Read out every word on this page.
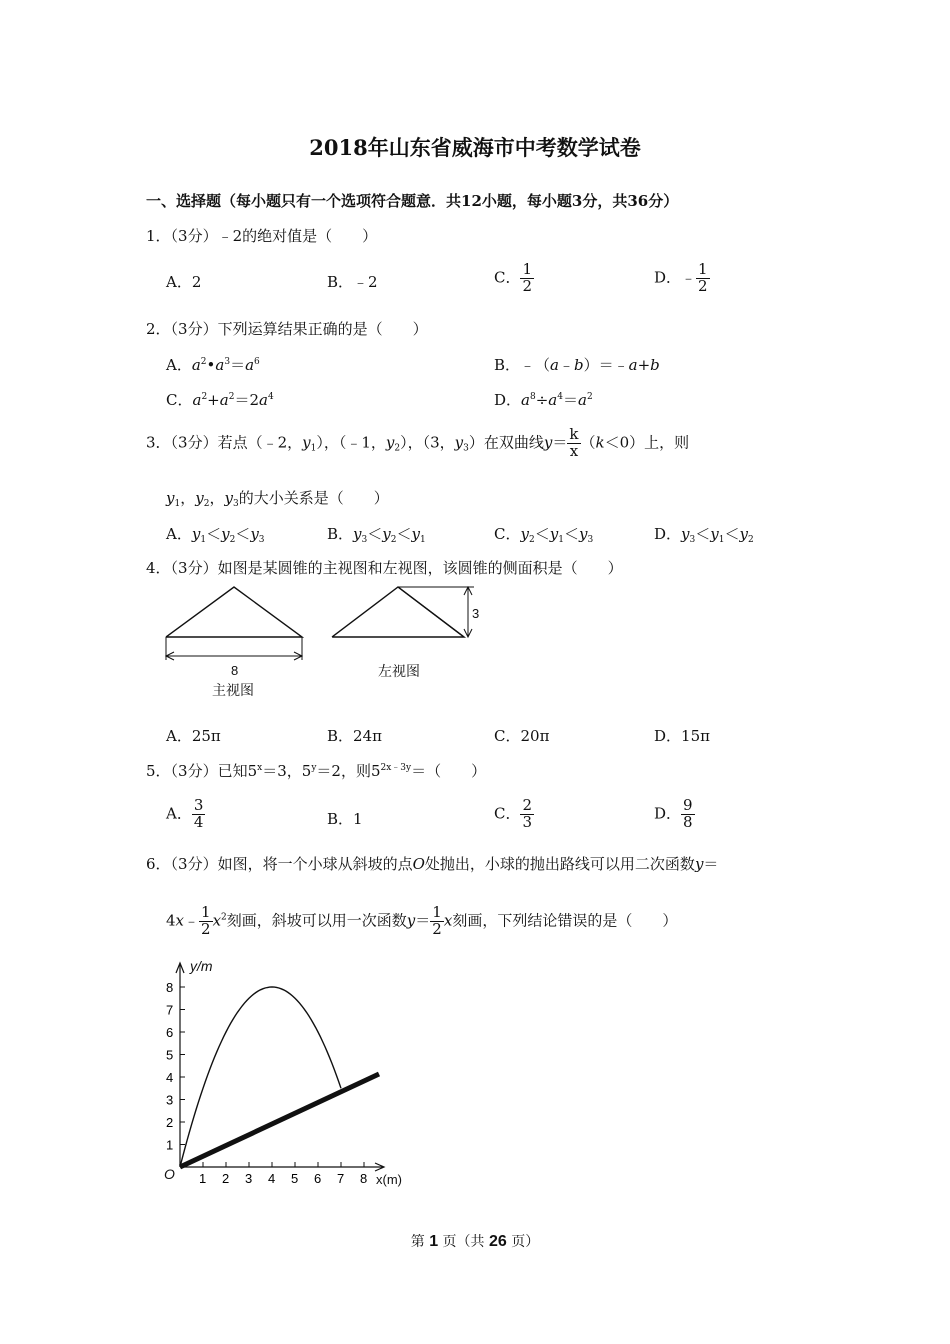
2018年山东省威海市中考数学试卷
一、选择题（每小题只有一个选项符合题意．共12小题，每小题3分，共36分）
1．（3分）﹣2的绝对值是（　　）
A．2	B．﹣2	C． $\frac{1}{2}$	D．﹣ $\frac{1}{2}$
2．（3分）下列运算结果正确的是（　　）
A．$a^2•a^3=a^6$	B．﹣（a﹣b）＝﹣a+b
C．$a^2+a^2=2a^4$	D．$a^8\div a^4=a^2$
3．（3分）若点（﹣2，$y_1$），（﹣1，$y_2$），（3，$y_3$）在双曲线$y= \frac{k}{x} (k<0)$上，则
$y_1$，$y_2$，$y_3$的大小关系是（　　）
A．$y_1<y_2<y_3$	B．$y_3<y_2<y_1$	C．$y_2<y_1<y_3$	D．$y_3<y_1<y_2$
4．（3分）如图是某圆锥的主视图和左视图，该圆锥的侧面积是（　　）
8
主视图
3
左视图
A．25π	B．24π	C．20π	D．15π
5．（3分）已知$5^x=3$，$5^y=2$，则$5^{2x﹣3y}=$（　　）
A． $\frac{3}{4}$	B．1	C． $\frac{2}{3}$	D． $\frac{9}{8}$
6．（3分）如图，将一个小球从斜坡的点O处抛出，小球的抛出路线可以用二次函数y＝
4x﹣ $\frac{1}{2} x^2$刻画，斜坡可以用一次函数$y= \frac{1}{2}$ x刻画，下列结论错误的是（　　）
y/m
x(m)
O 1 2 3 4 5 6 7 8
1
2
3
4
5
6
7
8
第 1 页（共 26 页）
